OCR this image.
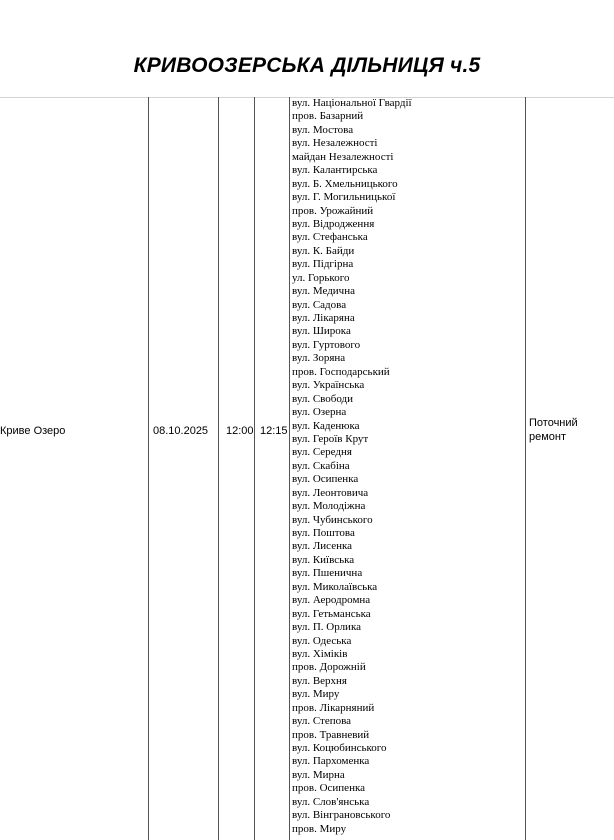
КРИВООЗЕРСЬКА ДІЛЬНИЦЯ ч.5
Криве Озеро	08.10.2025 12:00 12:15
Поточний
ремонт
вул. Національної Гвардії
пров. Базарний
вул. Мостова
вул. Незалежності
майдан Незалежності
вул. Калантирська
вул. Б. Хмельницького
вул. Г. Могильницької
пров. Урожайний
вул. Відродження
вул. Стефанська
вул. К. Байди
вул. Підгірна
ул. Горького
вул. Медична
вул. Садова
вул. Лікаряна
вул. Широка
вул. Гуртового
вул. Зоряна
пров. Господарський
вул. Українська
вул. Свободи
вул. Озерна
вул. Каденюка
вул. Героїв Крут
вул. Середня
вул. Скабіна
вул. Осипенка
вул. Леонтовича
вул. Молодіжна
вул. Чубинського
вул. Поштова
вул. Лисенка
вул. Київська
вул. Пшенична
вул. Миколаївська
вул. Аеродромна
вул. Гетьманська
вул. П. Орлика
вул. Одеська
вул. Хіміків
пров. Дорожній
вул. Верхня
вул. Миру
пров. Лікарняний
вул. Степова
пров. Травневий
вул. Коцюбинського
вул. Пархоменка
вул. Мирна
пров. Осипенка
вул. Слов'янська
вул. Вінграновського
пров. Миру
